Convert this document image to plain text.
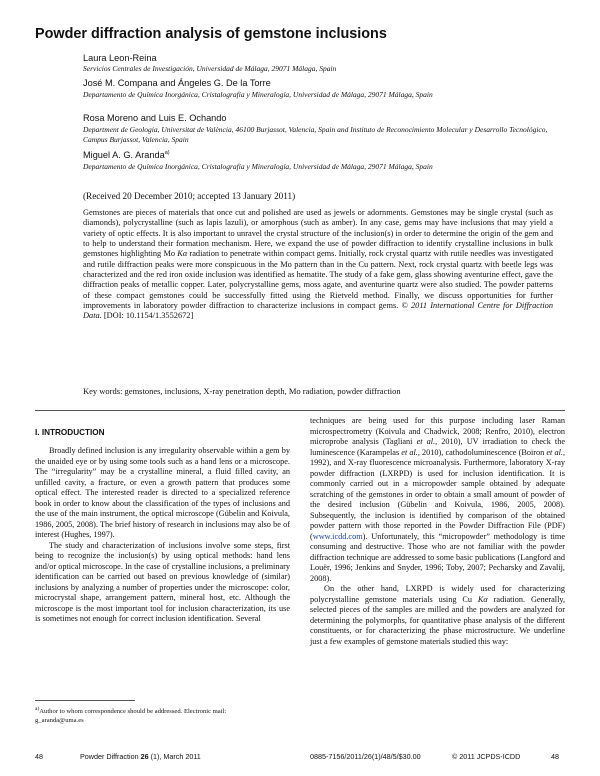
Powder diffraction analysis of gemstone inclusions
Laura Leon-Reina
Servicios Centrales de Investigación, Universidad de Málaga, 29071 Málaga, Spain
José M. Compana and Ángeles G. De la Torre
Departamento de Química Inorgánica, Cristalografía y Mineralogía, Universidad de Málaga, 29071 Málaga, Spain
Rosa Moreno and Luis E. Ochando
Department de Geologia, Universitat de València, 46100 Burjassot, Valencia, Spain and Instituto de Reconocimiento Molecular y Desarrollo Tecnológico, Campus Burjassot, Valencia, Spain
Miguel A. G. Aranda$^{a)}$
Departamento de Química Inorgánica, Cristalografía y Mineralogía, Universidad de Málaga, 29071 Málaga, Spain
(Received 20 December 2010; accepted 13 January 2011)
Gemstones are pieces of materials that once cut and polished are used as jewels or adornments. Gemstones may be single crystal (such as diamonds), polycrystalline (such as lapis lazuli), or amorphous (such as amber). In any case, gems may have inclusions that may yield a variety of optic effects. It is also important to unravel the crystal structure of the inclusion(s) in order to determine the origin of the gem and to help to understand their formation mechanism. Here, we expand the use of powder diffraction to identify crystalline inclusions in bulk gemstones highlighting Mo Kα radiation to penetrate within compact gems. Initially, rock crystal quartz with rutile needles was investigated and rutile diffraction peaks were more conspicuous in the Mo pattern than in the Cu pattern. Next, rock crystal quartz with beetle legs was characterized and the red iron oxide inclusion was identified as hematite. The study of a fake gem, glass showing aventurine effect, gave the diffraction peaks of metallic copper. Later, polycrystalline gems, moss agate, and aventurine quartz were also studied. The powder patterns of these compact gemstones could be successfully fitted using the Rietveld method. Finally, we discuss opportunities for further improvements in laboratory powder diffraction to characterize inclusions in compact gems. © 2011 International Centre for Diffraction Data. [DOI: 10.1154/1.3552672]
Key words: gemstones, inclusions, X-ray penetration depth, Mo radiation, powder diffraction
I. INTRODUCTION

Broadly defined inclusion is any irregularity observable within a gem by the unaided eye or by using some tools such as a hand lens or a microscope. The “irregularity” may be a crystalline mineral, a fluid filled cavity, an unfilled cavity, a fracture, or even a growth pattern that produces some optical effect. The interested reader is directed to a specialized reference book in order to know about the classification of the types of inclusions and the use of the main instrument, the optical microscope (Gübelin and Koivula, 1986, 2005, 2008). The brief history of research in inclusions may also be of interest (Hughes, 1997).

The study and characterization of inclusions involve some steps, first being to recognize the inclusion(s) by using optical methods: hand lens and/or optical microscope. In the case of crystalline inclusions, a preliminary identification can be carried out based on previous knowledge of (similar) inclusions by analyzing a number of properties under the microscope: color, microcrystal shape, arrangement pattern, mineral host, etc. Although the microscope is the most important tool for inclusion characterization, its use is sometimes not enough for correct inclusion identification. Several

techniques are being used for this purpose including laser Raman microspectrometry (Koivula and Chadwick, 2008; Renfro, 2010), electron microprobe analysis (Tagliani et al., 2010), UV irradiation to check the luminescence (Karampelas et al., 2010), cathodoluminescence (Boiron et al., 1992), and X-ray fluorescence microanalysis. Furthermore, laboratory X-ray powder diffraction (LXRPD) is used for inclusion identification. It is commonly carried out in a micropowder sample obtained by adequate scratching of the gemstones in order to obtain a small amount of powder of the desired inclusion (Gübelin and Koivula, 1986, 2005, 2008). Subsequently, the inclusion is identified by comparison of the obtained powder pattern with those reported in the Powder Diffraction File (PDF) (www.icdd.com). Unfortunately, this “micropowder” methodology is time consuming and destructive. Those who are not familiar with the powder diffraction technique are addressed to some basic publications (Langford and Louër, 1996; Jenkins and Snyder, 1996; Toby, 2007; Pecharsky and Zavalij, 2008).

On the other hand, LXRPD is widely used for characterizing polycrystalline gemstone materials using Cu Kα radiation. Generally, selected pieces of the samples are milled and the powders are analyzed for determining the polymorphs, for quantitative phase analysis of the different constituents, or for characterizing the phase microstructure. We underline just a few examples of gemstone materials studied this way:

$^{a)}$Author to whom correspondence should be addressed. Electronic mail:
g_aranda@uma.es
48	Powder Diffraction 26 (1), March 2011	0885-7156/2011/26(1)/48/5/$30.00	© 2011 JCPDS-ICDD	48
